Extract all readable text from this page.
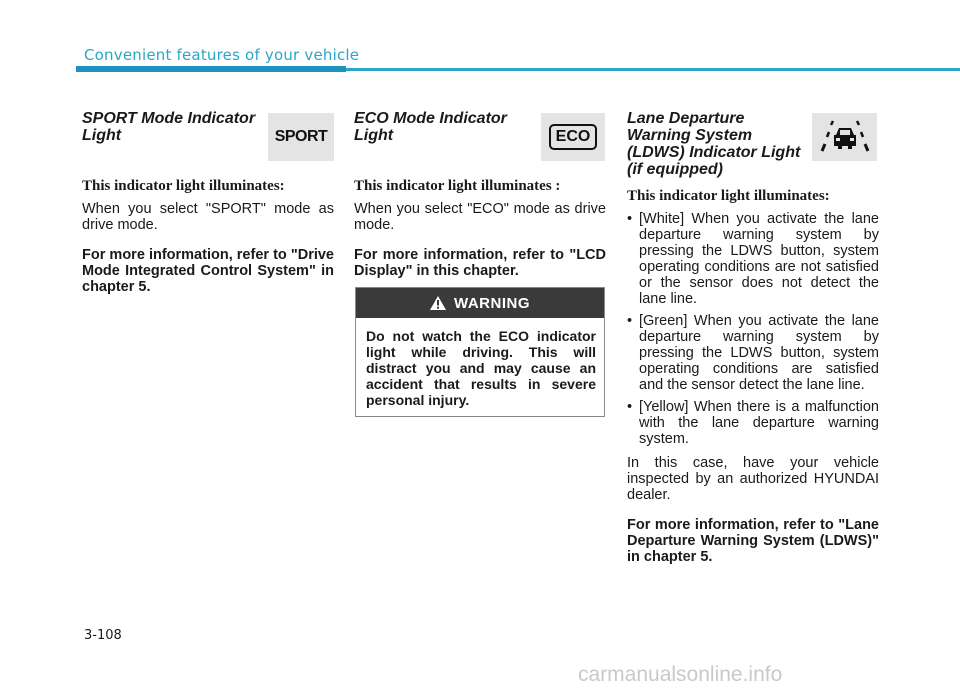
Convenient features of your vehicle
SPORT Mode Indicator Light
This indicator light illuminates:

When you select "SPORT" mode as drive mode.

For more information, refer to "Drive Mode Integrated Control System" in chapter 5.

SPORT
ECO Mode Indicator Light
This indicator light illuminates :

When you select "ECO" mode as drive mode.

For more information, refer to "LCD Display" in this chapter.

ECO
WARNING
Do not watch the ECO indicator light while driving. This will distract you and may cause an accident that results in severe personal injury.
Lane Departure Warning System (LDWS) Indicator Light (if equipped)
This indicator light illuminates:
• [White] When you activate the lane departure warning system by pressing the LDWS button, system operating conditions are not satisfied or the sensor does not detect the lane line.
• [Green] When you activate the lane departure warning system by pressing the LDWS button, system operating conditions are satisfied and the sensor detect the lane line.
• [Yellow] When there is a malfunction with the lane departure warning system.

In this case, have your vehicle inspected by an authorized HYUNDAI dealer.

For more information, refer to "Lane Departure Warning System (LDWS)" in chapter 5.

3-108
carmanualsonline.info
